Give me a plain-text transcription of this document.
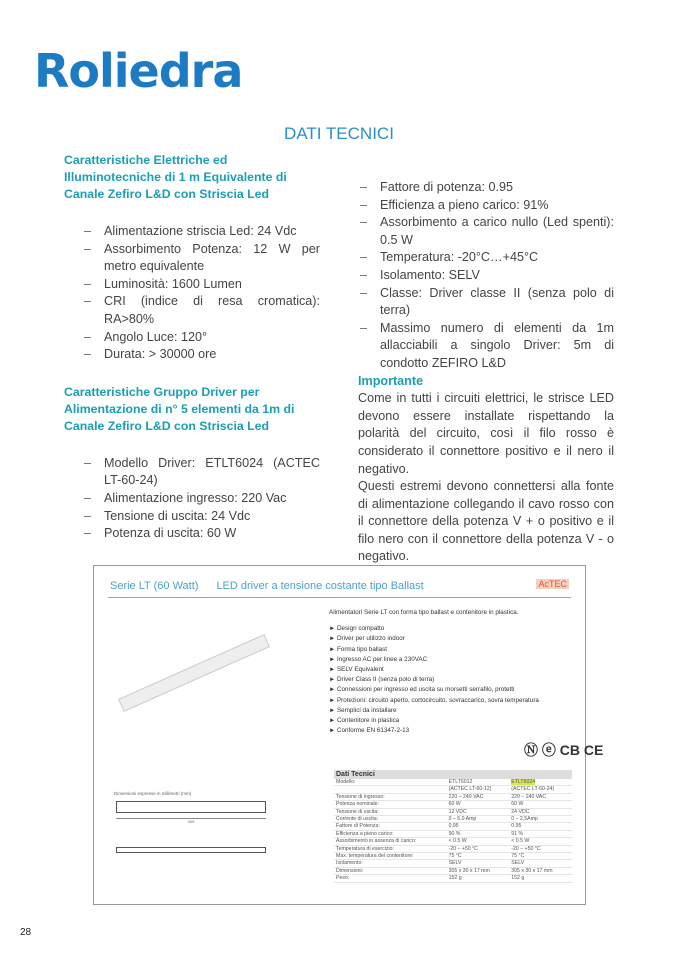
Roliedra
DATI TECNICI
Caratteristiche Elettriche ed Illuminotecniche di 1 m Equivalente di Canale Zefiro L&D con Striscia Led
– Alimentazione striscia Led: 24 Vdc
– Assorbimento Potenza: 12 W per metro equivalente
– Luminosità: 1600 Lumen
– CRI (indice di resa cromatica): RA>80%
– Angolo Luce: 120°
– Durata: > 30000 ore
Caratteristiche Gruppo Driver per Alimentazione di n° 5 elementi da 1m di Canale Zefiro L&D con Striscia Led
– Modello Driver: ETLT6024 (ACTEC LT-60-24)
– Alimentazione ingresso: 220 Vac
– Tensione di uscita: 24 Vdc
– Potenza di uscita: 60 W
– Fattore di potenza: 0.95
– Efficienza a pieno carico: 91%
– Assorbimento a carico nullo (Led spenti): 0.5 W
– Temperatura: -20°C…+45°C
– Isolamento: SELV
– Classe: Driver classe II (senza polo di terra)
– Massimo numero di elementi da 1m allacciabili a singolo Driver: 5m di condotto ZEFIRO L&D
Importante

Come in tutti i circuiti elettrici, le strisce LED devono essere installate rispettando la polarità del circuito, così il filo rosso è considerato il connettore positivo e il nero il negativo.

Questi estremi devono connettersi alla fonte di alimentazione collegando il cavo rosso con il connettore della potenza V + o positivo e il filo nero con il connettore della potenza V - o negativo.

Serie LT (60 Watt) LED driver a tensione costante tipo Ballast	AcTEC
Alimentatori Serie LT con forma tipo ballast e contenitore in plastica.
► Design compatto
► Driver per utilizzo indoor
► Forma tipo ballast
► Ingresso AC per linee a 230VAC
► SELV Equivalent
► Driver Class II (senza polo di terra)
► Connessioni per ingresso ed uscita su morsetti serrafilo, protetti
► Protezioni: circuito aperto, cortocircuito, sovraccarico, sovra temperatura
► Semplici da installare
► Contenitore in plastica
► Conforme EN 61347-2-13
Ⓝ ⓔ CB CE
Dimensioni espresse in millimetri (mm)
305
Dati Tecnici		
Modello:	ETLT6012	ETLT6024
	(ACTEC LT-60-12)	(ACTEC LT-60-24)
Tensione di ingresso:	220 – 240 VAC	220 – 240 VAC
Potenza nominale:	60 W	60 W
Tensione di uscita:	12 VDC	24 VDC
Corrente di uscita:	0 – 5.0 Amp	0 – 2.5Amp
Fattore di Potenza:	0.95	0.95
Efficienza a pieno carico:	90 %	91 %
Assorbimento in assenza di carico:	< 0.5 W	< 0.5 W
Temperatura di esercizio:	-20 – +50 °C	-20 – +50 °C
Max. temperatura del contenitore:	75 °C	75 °C
Isolamento:	SELV	SELV
Dimensioni:	305 x 30 x 17 mm	305 x 30 x 17 mm
Peso:	152 g	152 g
28
